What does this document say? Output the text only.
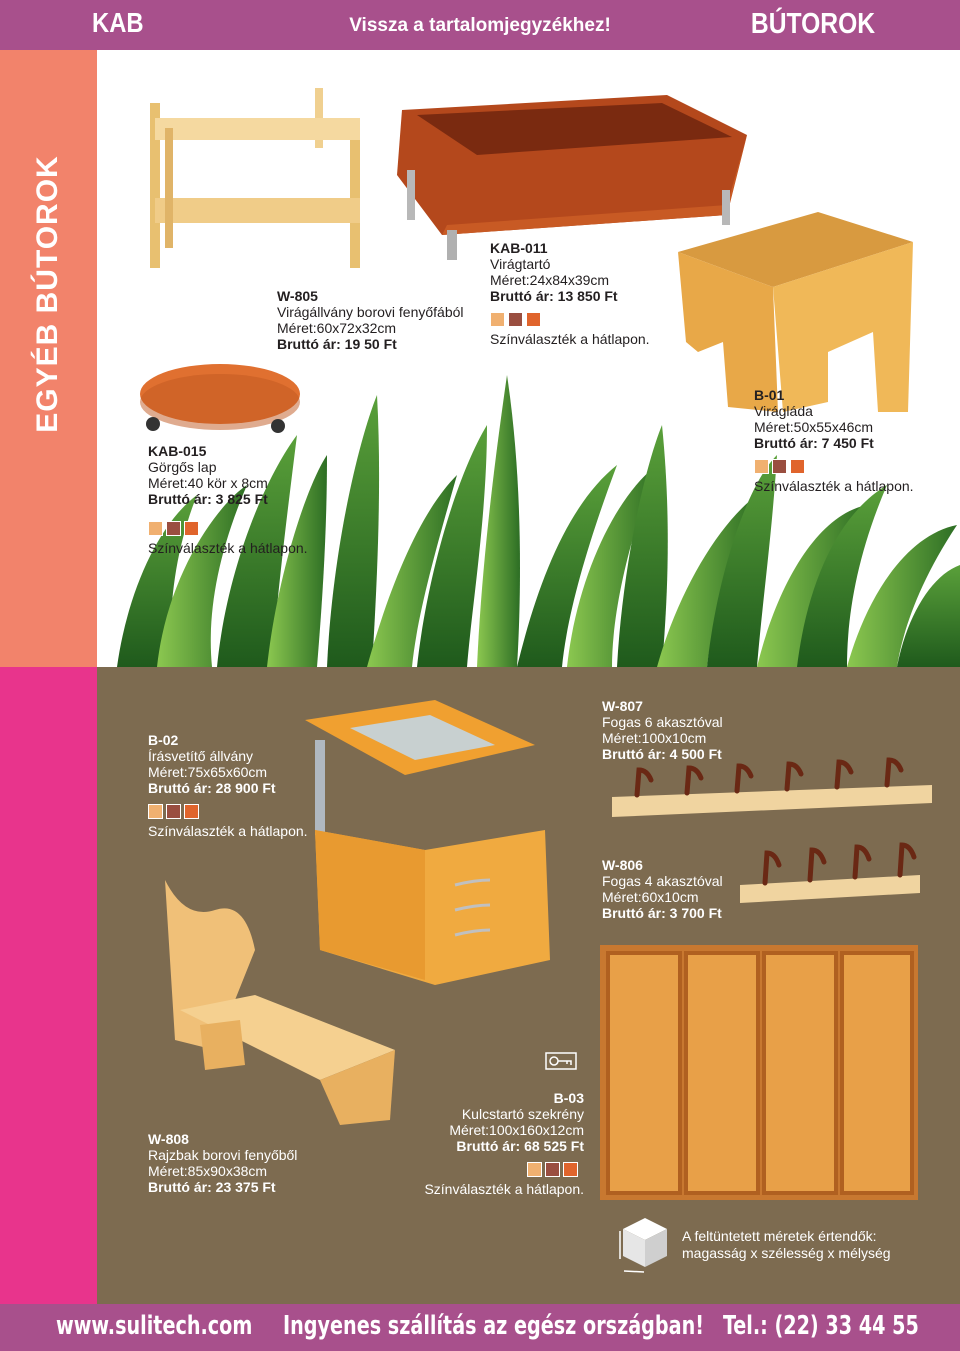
KAB	Vissza a tartalomjegyzékhez!	BÚTOROK
EGYÉB BÚTOROK	W-805
Virágállvány borovi fenyőfából
Méret:60x72x32cm
Bruttó ár: 19 50 Ft
KAB-011
Virágtartó
Méret:24x84x39cm
Bruttó ár: 13 850 Ft
Színválaszték a hátlapon.
KAB-015
Görgős lap
Méret:40 kör x 8cm
Bruttó ár: 3 825 Ft
Színválaszték a hátlapon.
B-01
Virágláda
Méret:50x55x46cm
Bruttó ár: 7 450 Ft
Színválaszték a hátlapon.
B-02
Írásvetítő állvány
Méret:75x65x60cm
Bruttó ár: 28 900 Ft
Színválaszték a hátlapon.
W-807
Fogas 6 akasztóval
Méret:100x10cm
Bruttó ár: 4 500 Ft
W-806
Fogas 4 akasztóval
Méret:60x10cm
Bruttó ár: 3 700 Ft
W-808
Rajzbak borovi fenyőből
Méret:85x90x38cm
Bruttó ár: 23 375 Ft
B-03
Kulcstartó szekrény
Méret:100x160x12cm
Bruttó ár: 68 525 Ft
Színválaszték a hátlapon.
A feltüntetett méretek értendők:
magasság x szélesség x mélység
www.sulitech.com Ingyenes szállítás az egész országban! Tel.: (22) 33 44 55
